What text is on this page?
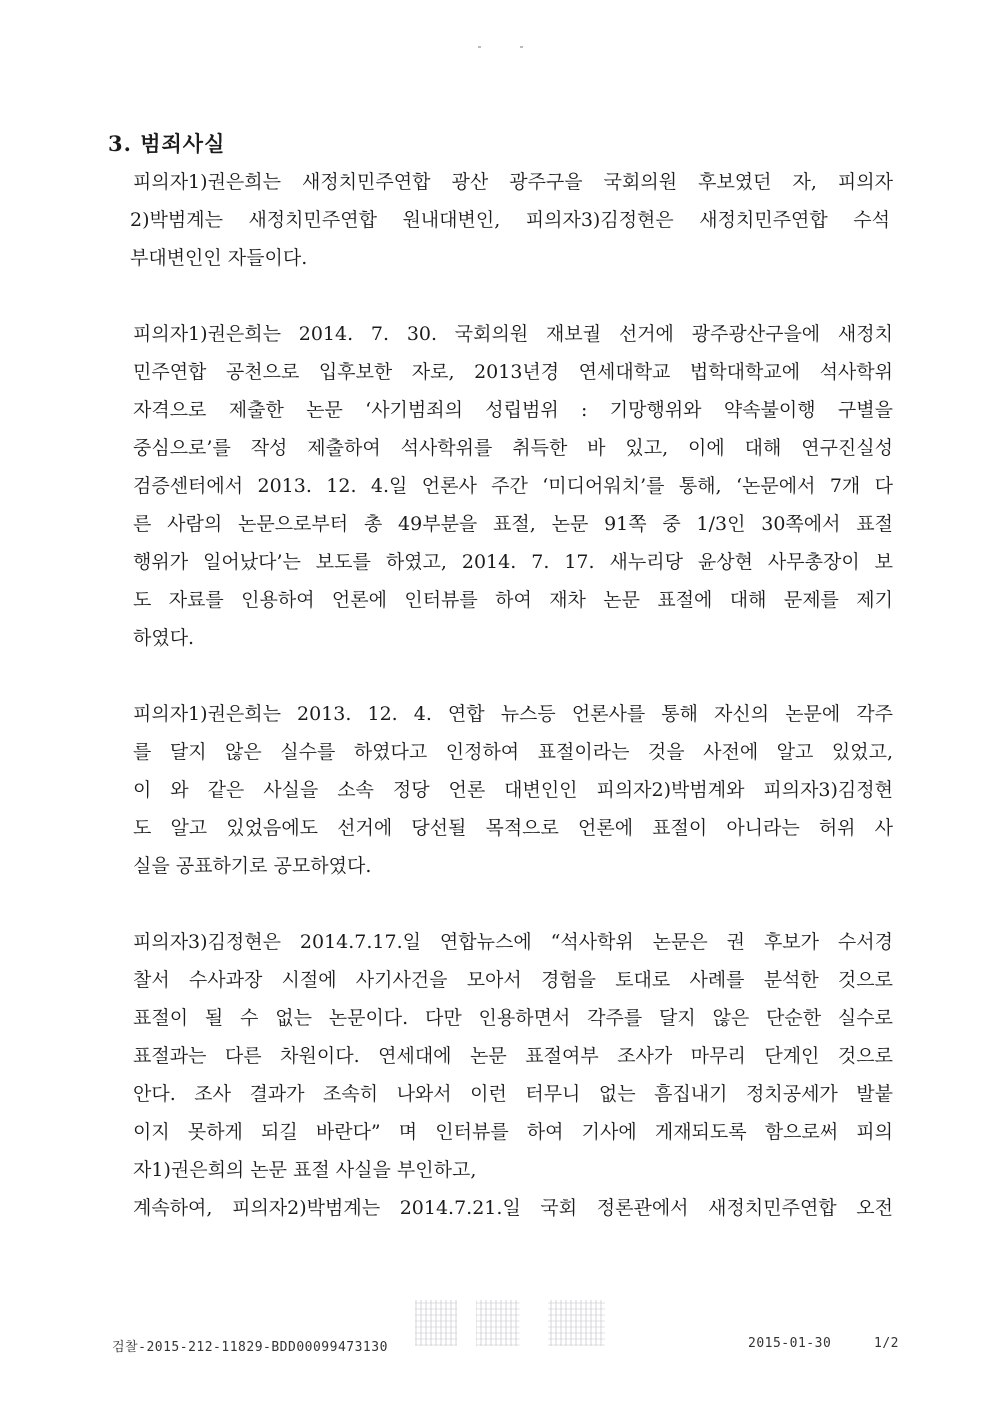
3. 범죄사실
피의자1)권은희는 새정치민주연합 광산 광주구을 국회의원 후보였던 자, 피의자
2)박범계는 새정치민주연합 원내대변인, 피의자3)김정현은 새정치민주연합 수석
부대변인인 자들이다.
피의자1)권은희는 2014. 7. 30. 국회의원 재보궐 선거에 광주광산구을에 새정치
민주연합 공천으로 입후보한 자로, 2013년경 연세대학교 법학대학교에 석사학위
자격으로 제출한 논문 ‘사기범죄의 성립범위 : 기망행위와 약속불이행 구별을
중심으로’를 작성 제출하여 석사학위를 취득한 바 있고, 이에 대해 연구진실성
검증센터에서 2013. 12. 4.일 언론사 주간 ‘미디어워치’를 통해, ‘논문에서 7개 다
른 사람의 논문으로부터 총 49부분을 표절, 논문 91쪽 중 1/3인 30쪽에서 표절
행위가 일어났다’는 보도를 하였고, 2014. 7. 17. 새누리당 윤상현 사무총장이 보
도 자료를 인용하여 언론에 인터뷰를 하여 재차 논문 표절에 대해 문제를 제기
하였다.
피의자1)권은희는 2013. 12. 4. 연합 뉴스등 언론사를 통해 자신의 논문에 각주
를 달지 않은 실수를 하였다고 인정하여 표절이라는 것을 사전에 알고 있었고,
이 와 같은 사실을 소속 정당 언론 대변인인 피의자2)박범계와 피의자3)김정현
도 알고 있었음에도 선거에 당선될 목적으로 언론에 표절이 아니라는 허위 사
실을 공표하기로 공모하였다.
피의자3)김정현은 2014.7.17.일 연합뉴스에 “석사학위 논문은 권 후보가 수서경
찰서 수사과장 시절에 사기사건을 모아서 경험을 토대로 사례를 분석한 것으로
표절이 될 수 없는 논문이다. 다만 인용하면서 각주를 달지 않은 단순한 실수로
표절과는 다른 차원이다. 연세대에 논문 표절여부 조사가 마무리 단계인 것으로
안다. 조사 결과가 조속히 나와서 이런 터무니 없는 흠집내기 정치공세가 발붙
이지 못하게 되길 바란다” 며 인터뷰를 하여 기사에 게재되도록 함으로써 피의
자1)권은희의 논문 표절 사실을 부인하고,
계속하여, 피의자2)박범계는 2014.7.21.일 국회 정론관에서 새정치민주연합 오전
검찰-2015-212-11829-BDD00099473130	2015-01-30	1/2
